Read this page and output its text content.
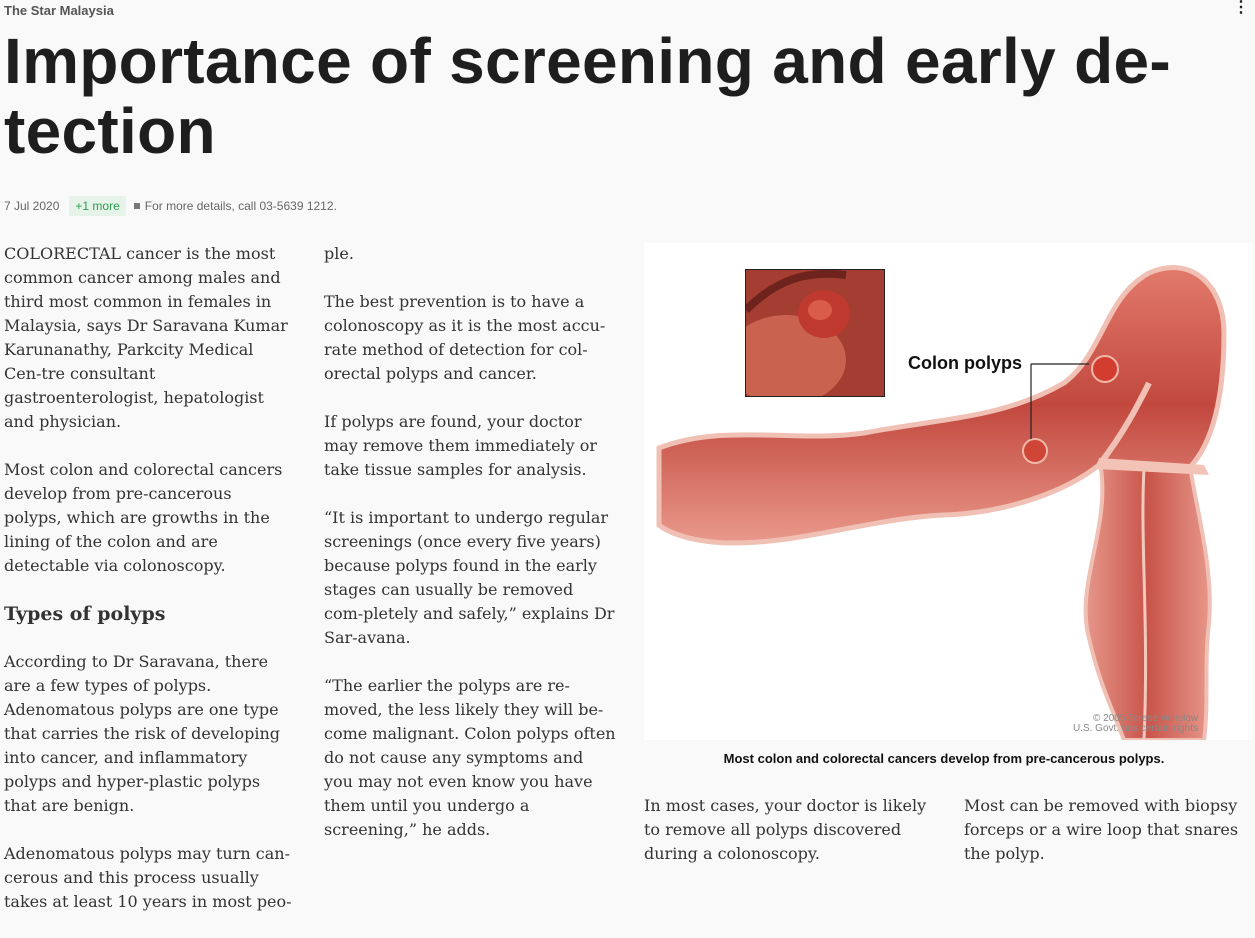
The Star Malaysia	⋮
Importance of screening and early de-
tection
7 Jul 2020	+1 more	For more details, call 03-5639 1212.

COLORECTAL cancer is the most common cancer among males and third most common in females in Malaysia, says Dr Saravana Kumar Karunanathy, Parkcity Medical Cen-tre consultant gastroenterologist, hepatologist and physician.

Most colon and colorectal cancers develop from pre-cancerous polyps, which are growths in the lining of the colon and are detectable via colonoscopy.

Types of polyps

According to Dr Saravana, there are a few types of polyps. Adenomatous polyps are one type that carries the risk of developing into cancer, and inflammatory polyps and hyper-plastic polyps that are benign.

Adenomatous polyps may turn can-cerous and this process usually takes at least 10 years in most peo-

ple.

The best prevention is to have a colonoscopy as it is the most accu-rate method of detection for col-orectal polyps and cancer.

If polyps are found, your doctor may remove them immediately or take tissue samples for analysis.

“It is important to undergo regular screenings (once every five years) because polyps found in the early stages can usually be removed com-pletely and safely,” explains Dr Sar-avana.

“The earlier the polyps are re-moved, the less likely they will be-come malignant. Colon polyps often do not cause any symptoms and you may not even know you have them until you undergo a screening,” he adds.

Colon polyps
© 2005 Terese Winslow
U.S. Govt. has certain rights
Most colon and colorectal cancers develop from pre-cancerous polyps.

In most cases, your doctor is likely to remove all polyps discovered during a colonoscopy.

Most can be removed with biopsy forceps or a wire loop that snares the polyp.
